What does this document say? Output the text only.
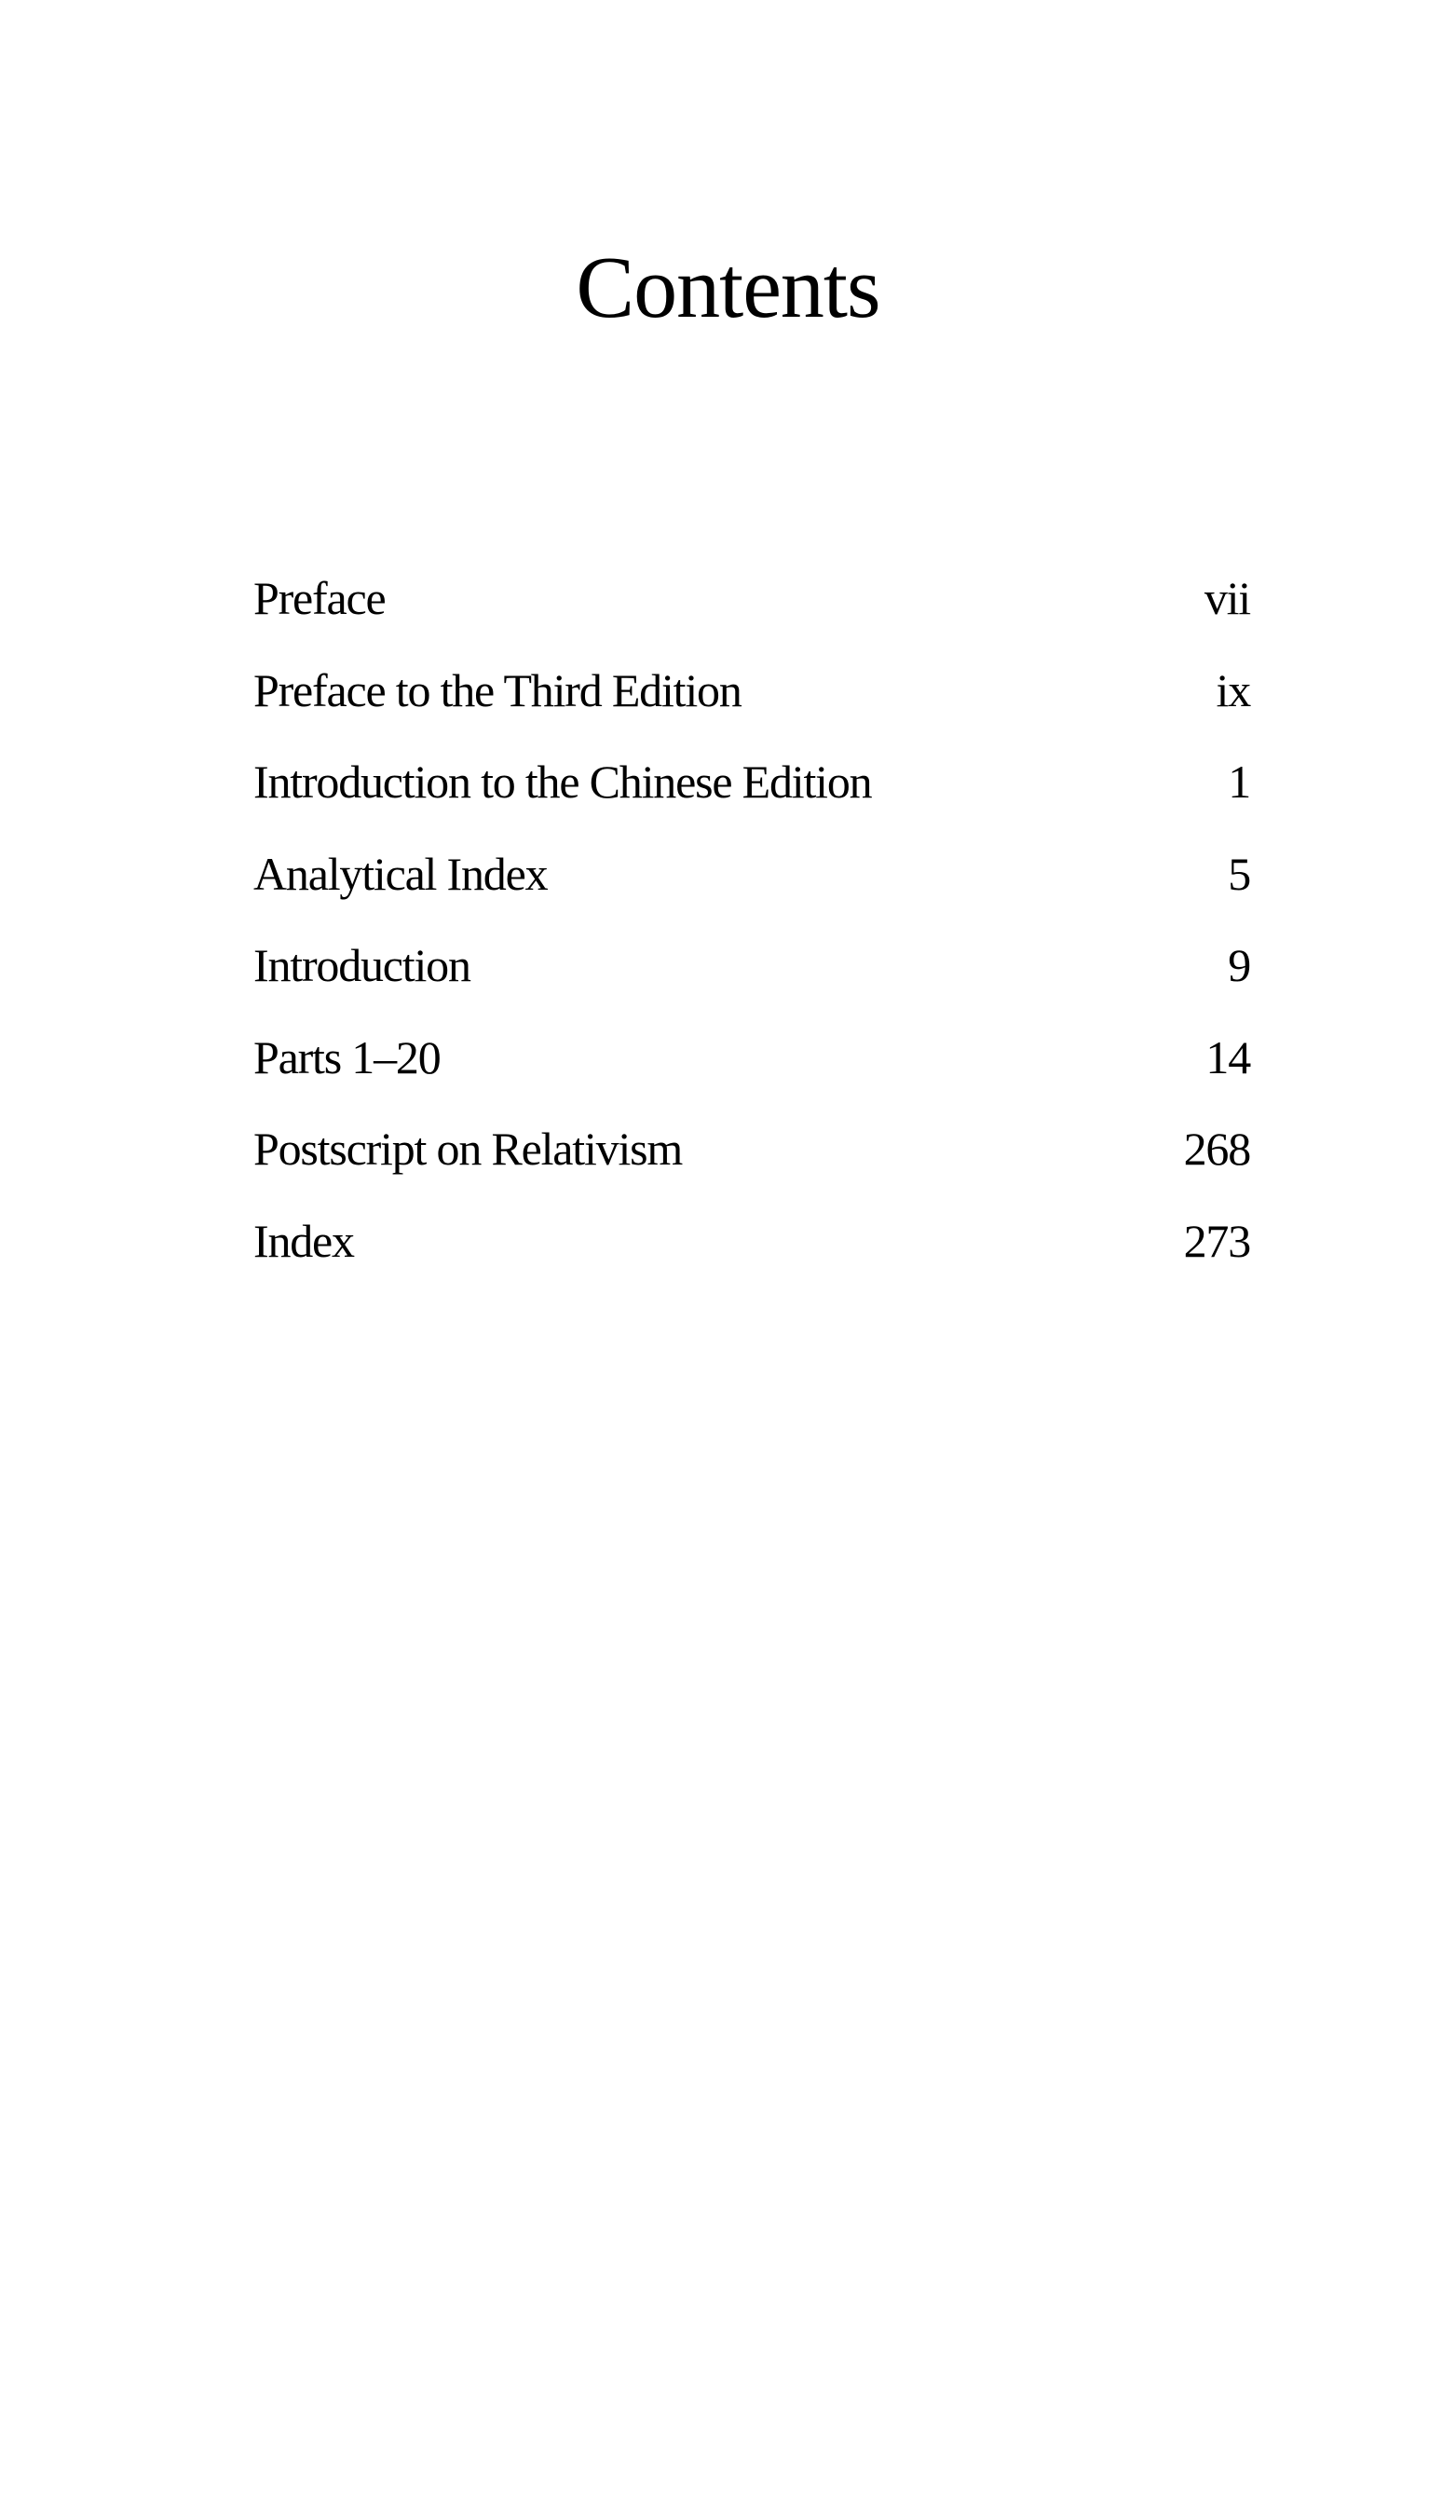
Contents
Preface	vii
Preface to the Third Edition	ix
Introduction to the Chinese Edition	1
Analytical Index	5
Introduction	9
Parts 1–20	14
Postscript on Relativism	268
Index	273
